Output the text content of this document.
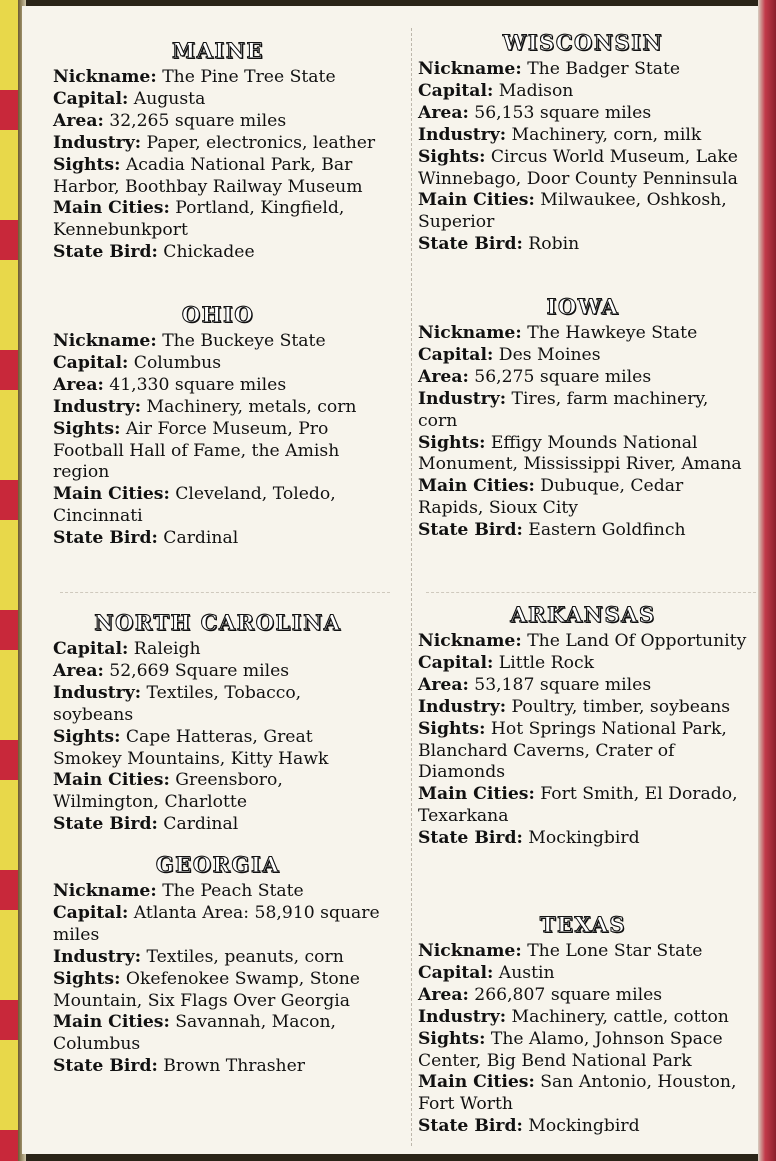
MAINE

Nickname: The Pine Tree State

Capital: Augusta

Area: 32,265 square miles

Industry: Paper, electronics, leather

Sights: Acadia National Park, Bar Harbor, Boothbay Railway Museum

Main Cities: Portland, Kingfield, Kennebunkport

State Bird: Chickadee

OHIO

Nickname: The Buckeye State

Capital: Columbus

Area: 41,330 square miles

Industry: Machinery, metals, corn

Sights: Air Force Museum, Pro Football Hall of Fame, the Amish region

Main Cities: Cleveland, Toledo, Cincinnati

State Bird: Cardinal

NORTH CAROLINA

Capital: Raleigh

Area: 52,669 Square miles

Industry: Textiles, Tobacco, soybeans

Sights: Cape Hatteras, Great Smokey Mountains, Kitty Hawk

Main Cities: Greensboro, Wilmington, Charlotte

State Bird: Cardinal

GEORGIA

Nickname: The Peach State

Capital: Atlanta Area: 58,910 square miles

Industry: Textiles, peanuts, corn

Sights: Okefenokee Swamp, Stone Mountain, Six Flags Over Georgia

Main Cities: Savannah, Macon, Columbus

State Bird: Brown Thrasher

WISCONSIN

Nickname: The Badger State

Capital: Madison

Area: 56,153 square miles

Industry: Machinery, corn, milk

Sights: Circus World Museum, Lake Winnebago, Door County Penninsula

Main Cities: Milwaukee, Oshkosh, Superior

State Bird: Robin

IOWA

Nickname: The Hawkeye State

Capital: Des Moines

Area: 56,275 square miles

Industry: Tires, farm machinery, corn

Sights: Effigy Mounds National Monument, Mississippi River, Amana

Main Cities: Dubuque, Cedar Rapids, Sioux City

State Bird: Eastern Goldfinch

ARKANSAS

Nickname: The Land Of Opportunity

Capital: Little Rock

Area: 53,187 square miles

Industry: Poultry, timber, soybeans

Sights: Hot Springs National Park, Blanchard Caverns, Crater of Diamonds

Main Cities: Fort Smith, El Dorado, Texarkana

State Bird: Mockingbird

TEXAS

Nickname: The Lone Star State

Capital: Austin

Area: 266,807 square miles

Industry: Machinery, cattle, cotton

Sights: The Alamo, Johnson Space Center, Big Bend National Park

Main Cities: San Antonio, Houston, Fort Worth

State Bird: Mockingbird
